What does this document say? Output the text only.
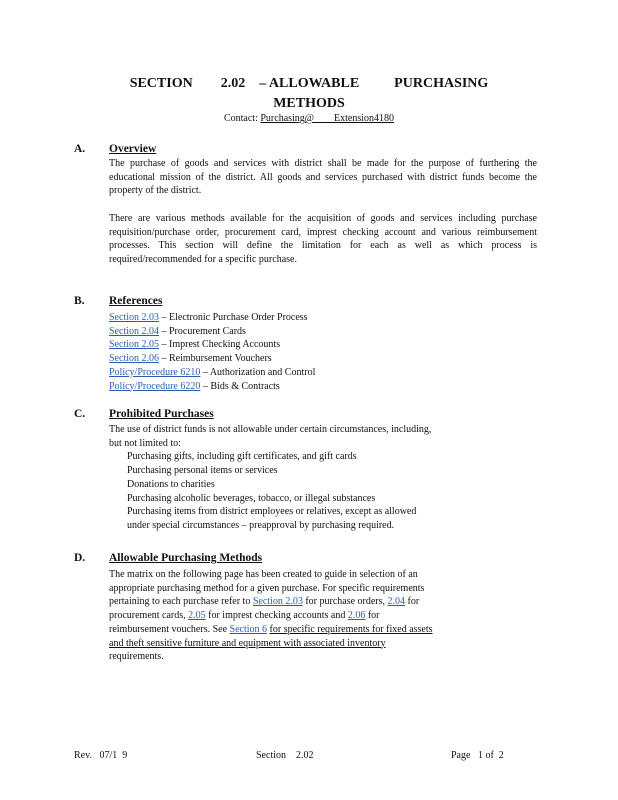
SECTION        2.02    – ALLOWABLE          PURCHASING
METHODS
Contact: Purchasing@        Extension4180
A. Overview
The purchase of goods and services with district shall be made for the purpose of furthering the educational mission of the district. All goods and services purchased with district funds become the property of the district.
There are various methods available for the acquisition of goods and services including purchase requisition/purchase order, procurement card, imprest checking account and various reimbursement processes. This section will define the limitation for each as well as which process is required/recommended for a specific purchase.
B. References
Section 2.03 – Electronic Purchase Order Process
Section 2.04 – Procurement Cards
Section 2.05 – Imprest Checking Accounts
Section 2.06 – Reimbursement Vouchers
Policy/Procedure 6210 – Authorization and Control
Policy/Procedure 6220 – Bids & Contracts
C. Prohibited Purchases
The use of district funds is not allowable under certain circumstances, including,
but not limited to:
Purchasing gifts, including gift certificates, and gift cards
Purchasing personal items or services
Donations to charities
Purchasing alcoholic beverages, tobacco, or illegal substances
Purchasing items from district employees or relatives, except as allowed
under special circumstances – preapproval by purchasing required.
D. Allowable Purchasing Methods
The matrix on the following page has been created to guide in selection of an
appropriate purchasing method for a given purchase. For specific requirements
pertaining to each purchase refer to Section 2.03 for purchase orders, 2.04 for
procurement cards, 2.05 for imprest checking accounts and 2.06 for
reimbursement vouchers. See Section 6 for specific requirements for fixed assets
and theft sensitive furniture and equipment with associated inventory
requirements.
Rev.   07/1  9	Section    2.02	Page   1 of  2
